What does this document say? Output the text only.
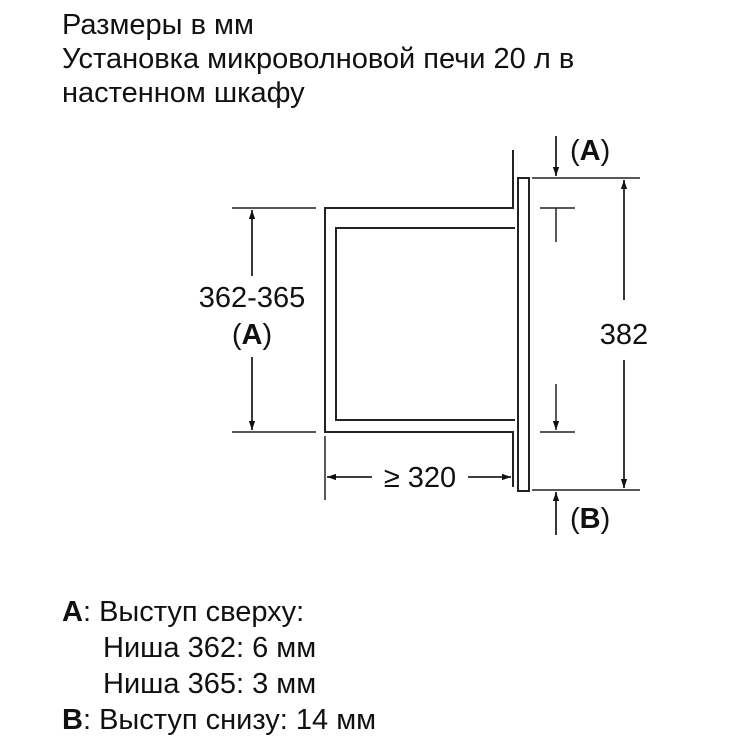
Размеры в мм
Установка микроволновой печи 20 л в
настенном шкафу
362-365
(A)
≥ 320
(A)
382
(B)
A: Выступ сверху:
Ниша 362: 6 мм
Ниша 365: 3 мм
B: Выступ снизу: 14 мм
